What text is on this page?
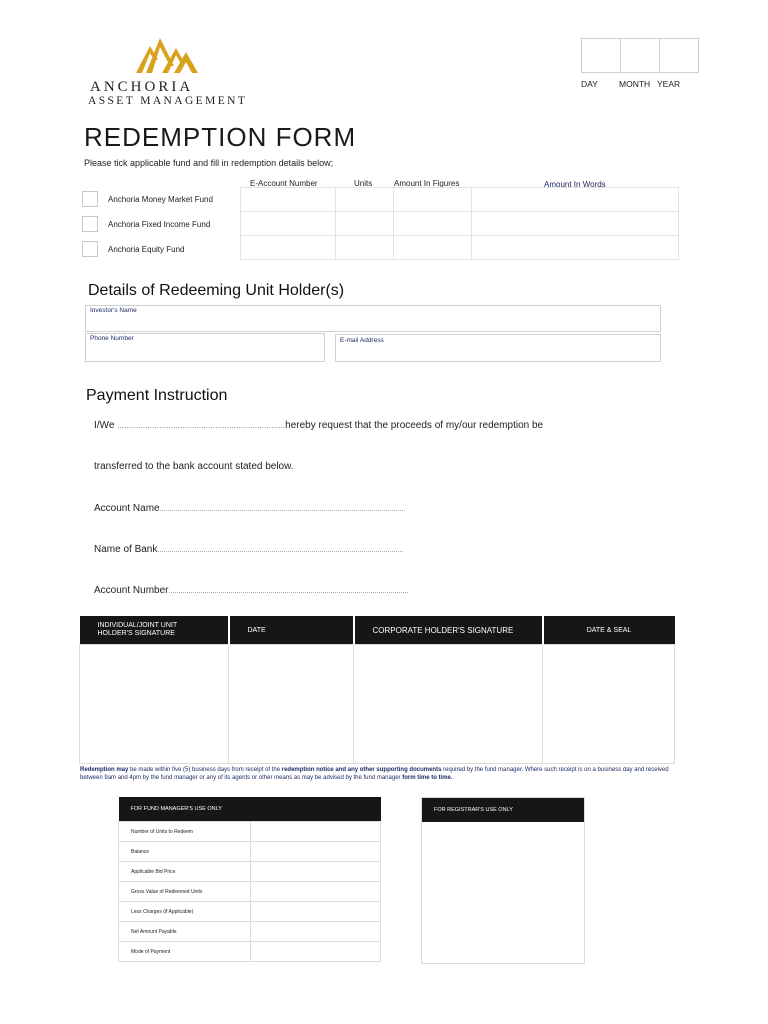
ANCHORIA
ASSET MANAGEMENT
DAY MONTH YEAR
REDEMPTION FORM
Please tick applicable fund and fill in redemption details below;
E-Account Number	Units	Amount In Figures	Amount In Words
Anchoria Money Market Fund
Anchoria Fixed Income Fund
Anchoria Equity Fund

Details of Redeeming Unit Holder(s)
Investor's Name
Phone Number	E-mail Address
Payment Instruction
I/We ………………………………………………………………hereby request that the proceeds of my/our redemption be
transferred to the bank account stated below.
Account Name……………………………………………………………………………………………………………
Name of Bank……………………………………………………………………………………………………………
Account Number…………………………………………………………………………………………………………
INDIVIDUAL/JOINT UNIT HOLDER'S SIGNATURE	DATE	CORPORATE HOLDER'S SIGNATURE	DATE & SEAL

Redemption may be made within five (5) business days from receipt of the redemption notice and any other supporting documents required by the fund manager. Where such receipt is on a business day and received between 9am and 4pm by the fund manager or any of its agents or other means as may be advised by the fund manager form time to time.
FOR FUND MANAGER'S USE ONLY	
Number of Units to Redeem	
Balance	
Applicable Bid Price	
Gross Value of Redeemed Units	
Less Charges (if Applicable)	
Net Amount Payable	
Mode of Payment	
FOR REGISTRAR'S USE ONLY
